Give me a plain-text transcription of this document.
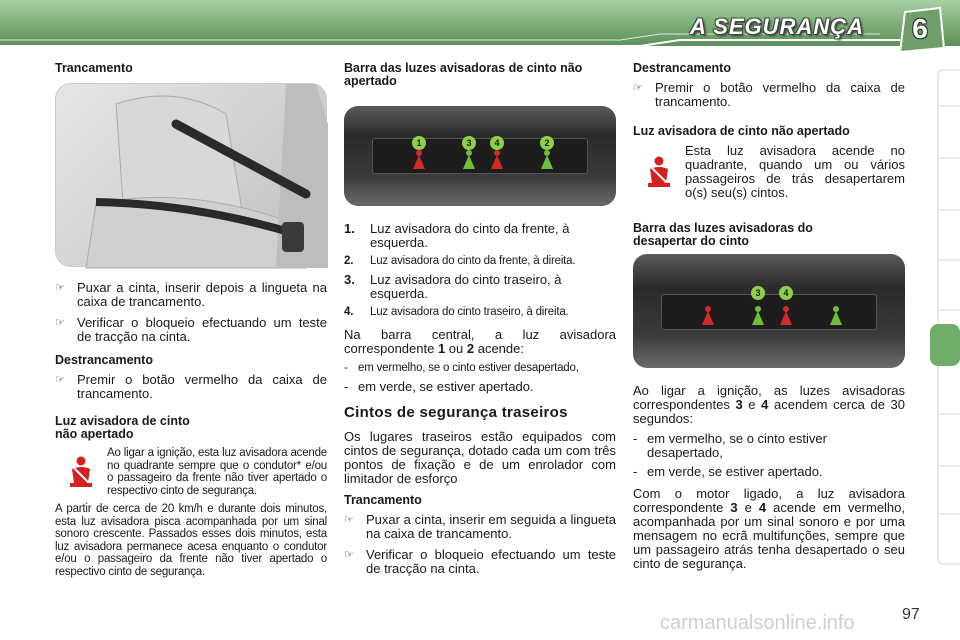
A SEGURANÇA	6
Trancamento
☞ Puxar a cinta, inserir depois a lingueta na caixa de trancamento.
☞ Verificar o bloqueio efectuando um teste de tracção na cinta.
Destrancamento
☞ Premir o botão vermelho da caixa de trancamento.
Luz avisadora de cinto
não apertado
Ao ligar a ignição, esta luz avisadora acende no quadrante sempre que o condutor* e/ou o passageiro da frente não tiver apertado o respectivo cinto de segurança.
A partir de cerca de 20 km/h e durante dois minutos, esta luz avisadora pisca acompanhada por um sinal sonoro crescente. Passados esses dois minutos, esta luz avisadora permanece acesa enquanto o condutor e/ou o passageiro da frente não tiver apertado o respectivo cinto de segurança.
Barra das luzes avisadoras de cinto não apertado
1	3	4	2
1.	Luz avisadora do cinto da frente, à esquerda.
2.	Luz avisadora do cinto da frente, à direita.
3.	Luz avisadora do cinto traseiro, à esquerda.
4.	Luz avisadora do cinto traseiro, à direita.
Na barra central, a luz avisadora correspondente 1 ou 2 acende:
- em vermelho, se o cinto estiver desapertado,
- em verde, se estiver apertado.
Cintos de segurança traseiros
Os lugares traseiros estão equipados com cintos de segurança, dotado cada um com três pontos de fixação e de um enrolador com limitador de esforço
Trancamento
☞ Puxar a cinta, inserir em seguida a lingueta na caixa de trancamento.
☞ Verificar o bloqueio efectuando um teste de tracção na cinta.
Destrancamento
☞ Premir o botão vermelho da caixa de trancamento.
Luz avisadora de cinto não apertado
Esta luz avisadora acende no quadrante, quando um ou vários passageiros de trás desapertarem o(s) seu(s) cintos.
Barra das luzes avisadoras do
desapertar do cinto
3	4
Ao ligar a ignição, as luzes avisadoras correspondentes 3 e 4 acendem cerca de 30 segundos:
- em vermelho, se o cinto estiver desapertado,
- em verde, se estiver apertado.
Com o motor ligado, a luz avisadora correspondente 3 e 4 acende em vermelho, acompanhada por um sinal sonoro e por uma mensagem no ecrã multifunções, sempre que um passageiro atrás tenha desapertado o seu cinto de segurança.
carmanualsonline.info	97
